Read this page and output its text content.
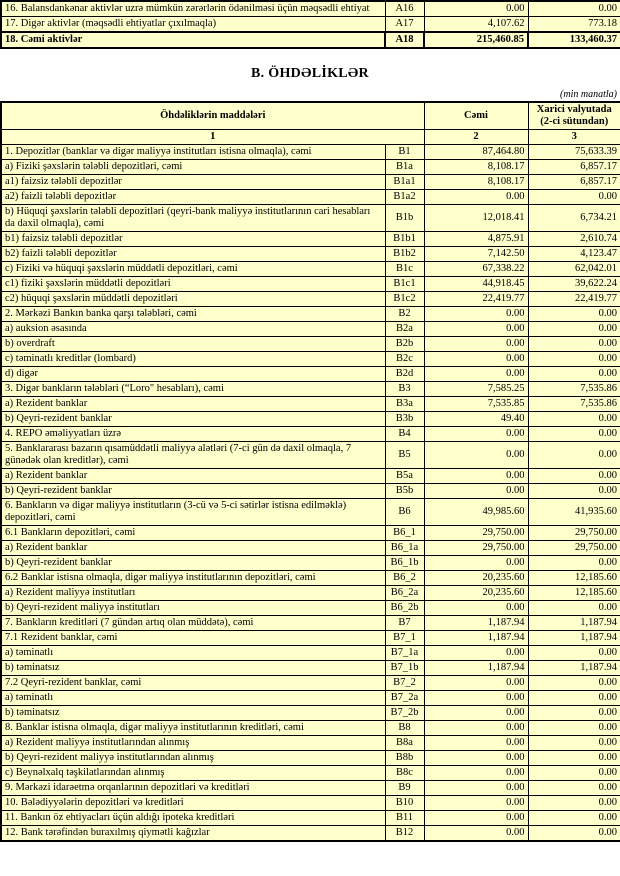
16. Balansdankənar aktivlər uzrə mümkün zərərlərin ödənilməsi üçün məqsədli ehtiyat	A16	0.00	0.00
17. Digər aktivlər (məqsədli ehtiyatlar çıxılmaqla)	A17	4,107.62	773.18
18. Cəmi aktivlər	A18	215,460.85	133,460.37
B. ÖHDƏLİKLƏR
(min manatla)
Öhdəliklərin maddələri		Cəmi	Xarici valyutada
(2-ci sütundan)
1		2	3
1. Depozitlər (banklar və digər maliyyə institutları istisna olmaqla), cəmi	B1	87,464.80	75,633.39
a) Fiziki şəxslərin tələbli depozitləri, cəmi	B1a	8,108.17	6,857.17
a1) faizsiz tələbli depozitlər	B1a1	8,108.17	6,857.17
a2) faizli tələbli depozitlər	B1a2	0.00	0.00
b) Hüquqi şəxslərin tələbli depozitləri (qeyri-bank maliyyə institutlarının cari hesabları da daxil olmaqla), cəmi	B1b	12,018.41	6,734.21
b1) faizsiz tələbli depozitlər	B1b1	4,875.91	2,610.74
b2) faizli tələbli depozitlər	B1b2	7,142.50	4,123.47
c) Fiziki və hüquqi şəxslərin müddətli depozitləri, cəmi	B1c	67,338.22	62,042.01
c1) fiziki şəxslərin müddətli depozitləri	B1c1	44,918.45	39,622.24
c2) hüquqi şəxslərin müddətli depozitləri	B1c2	22,419.77	22,419.77
2. Mərkəzi Bankın banka qarşı tələbləri, cəmi	B2	0.00	0.00
a) auksion əsasında	B2a	0.00	0.00
b) overdraft	B2b	0.00	0.00
c) təminatlı kreditlər (lombard)	B2c	0.00	0.00
d) digər	B2d	0.00	0.00
3. Digər bankların tələbləri (“Loro" hesabları), cəmi	B3	7,585.25	7,535.86
a) Rezident banklar	B3a	7,535.85	7,535.86
b) Qeyri-rezident banklar	B3b	49.40	0.00
4. REPO əməliyyatları üzrə	B4	0.00	0.00
5. Banklararası bazarın qısamüddətli maliyyə alətləri (7-ci gün də daxil olmaqla, 7 günədək olan kreditlər), cəmi	B5	0.00	0.00
a) Rezident banklar	B5a	0.00	0.00
b) Qeyri-rezident banklar	B5b	0.00	0.00
6. Bankların və digər maliyyə institutların (3-cü və 5-ci sətirlər istisna edilməklə) depozitləri, cəmi	B6	49,985.60	41,935.60
6.1 Bankların depozitləri, cəmi	B6_1	29,750.00	29,750.00
a) Rezident banklar	B6_1a	29,750.00	29,750.00
b) Qeyri-rezident banklar	B6_1b	0.00	0.00
6.2 Banklar istisna olmaqla, digər maliyyə institutlarının depozitləri, cəmi	B6_2	20,235.60	12,185.60
a) Rezident maliyyə institutları	B6_2a	20,235.60	12,185.60
b) Qeyri-rezident maliyyə institutları	B6_2b	0.00	0.00
7. Bankların kreditləri (7 gündən artıq olan müddətə), cəmi	B7	1,187.94	1,187.94
7.1 Rezident banklar, cəmi	B7_1	1,187.94	1,187.94
a) təminatlı	B7_1a	0.00	0.00
b) təminatsız	B7_1b	1,187.94	1,187.94
7.2 Qeyri-rezident banklar, cəmi	B7_2	0.00	0.00
a) təminatlı	B7_2a	0.00	0.00
b) təminatsız	B7_2b	0.00	0.00
8. Banklar istisna olmaqla, digər maliyyə institutlarının kreditləri, cəmi	B8	0.00	0.00
a) Rezident maliyyə institutlarından alınmış	B8a	0.00	0.00
b) Qeyri-rezident maliyyə institutlarından alınmış	B8b	0.00	0.00
c) Beynəlxalq təşkilatlarından alınmış	B8c	0.00	0.00
9. Mərkəzi idarəetmə orqanlarının depozitləri və kreditləri	B9	0.00	0.00
10. Bələdiyyələrin depozitləri və kreditləri	B10	0.00	0.00
11. Bankın öz ehtiyacları üçün aldığı ipoteka kreditləri	B11	0.00	0.00
12. Bank tərəfindən buraxılmış qiymətli kağızlar	B12	0.00	0.00
